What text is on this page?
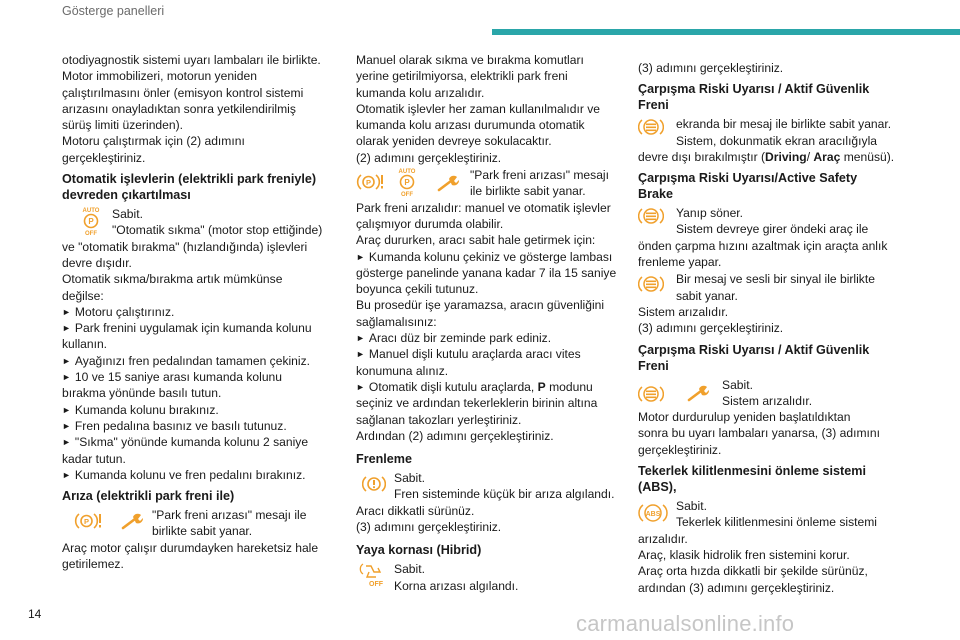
Gösterge panelleri

otodiyagnostik sistemi uyarı lambaları ile birlikte.
Motor immobilizeri, motorun yeniden
çalıştırılmasını önler (emisyon kontrol sistemi
arızasını onayladıktan sonra yetkilendirilmiş
sürüş limiti üzerinden).
Motoru çalıştırmak için (2) adımını
gerçekleştiriniz.

Otomatik işlevlerin (elektrikli park freniyle)
devreden çıkartılması
AUTO
P
OFF
Sabit.
"Otomatik sıkma" (motor stop ettiğinde)

ve "otomatik bırakma" (hızlandığında) işlevleri
devre dışıdır.
Otomatik sıkma/bırakma artık mümkünse
değilse:

► Motoru çalıştırınız.
► Park frenini uygulamak için kumanda kolunu
kullanın.
► Ayağınızı fren pedalından tamamen çekiniz.
► 10 ve 15 saniye arası kumanda kolunu
bırakma yönünde basılı tutun.
► Kumanda kolunu bırakınız.
► Fren pedalına basınız ve basılı tutunuz.
► "Sıkma" yönünde kumanda kolunu 2 saniye
kadar tutun.
► Kumanda kolunu ve fren pedalını bırakınız.

Arıza (elektrikli park freni ile)
P	"Park freni arızası" mesajı ile
birlikte sabit yanar.

Araç motor çalışır durumdayken hareketsiz hale
getirilemez.

Manuel olarak sıkma ve bırakma komutları
yerine getirilmiyorsa, elektrikli park freni
kumanda kolu arızalıdır.
Otomatik işlevler her zaman kullanılmalıdır ve
kumanda kolu arızası durumunda otomatik
olarak yeniden devreye sokulacaktır.
(2) adımını gerçekleştiriniz.

P
AUTO
P
OFF
"Park freni arızası" mesajı
ile birlikte sabit yanar.

Park freni arızalıdır: manuel ve otomatik işlevler
çalışmıyor durumda olabilir.
Araç dururken, aracı sabit hale getirmek için:
► Kumanda kolunu çekiniz ve gösterge lambası
gösterge panelinde yanana kadar 7 ila 15 saniye
boyunca çekili tutunuz.
Bu prosedür işe yaramazsa, aracın güvenliğini
sağlamalısınız:
► Aracı düz bir zeminde park ediniz.
► Manuel dişli kutulu araçlarda aracı vites
konumuna alınız.
► Otomatik dişli kutulu araçlarda, P modunu
seçiniz ve ardından tekerleklerin birinin altına
sağlanan takozları yerleştiriniz.
Ardından (2) adımını gerçekleştiriniz.

Frenleme
Sabit.
Fren sisteminde küçük bir arıza algılandı.

Aracı dikkatli sürünüz.
(3) adımını gerçekleştiriniz.

Yaya kornası (Hibrid)
OFF
Sabit.
Korna arızası algılandı.

(3) adımını gerçekleştiriniz.

Çarpışma Riski Uyarısı / Aktif Güvenlik
Freni
ekranda bir mesaj ile birlikte sabit yanar.
Sistem, dokunmatik ekran aracılığıyla

devre dışı bırakılmıştır (Driving/ Araç menüsü).

Çarpışma Riski Uyarısı/Active Safety
Brake
Yanıp söner.
Sistem devreye girer öndeki araç ile

önden çarpma hızını azaltmak için araçta anlık
frenleme yapar.

Bir mesaj ve sesli bir sinyal ile birlikte
sabit yanar.

Sistem arızalıdır.
(3) adımını gerçekleştiriniz.

Çarpışma Riski Uyarısı / Aktif Güvenlik
Freni
Sabit.
Sistem arızalıdır.

Motor durdurulup yeniden başlatıldıktan
sonra bu uyarı lambaları yanarsa, (3) adımını
gerçekleştiriniz.

Tekerlek kilitlenmesini önleme sistemi
(ABS),
ABS
Sabit.
Tekerlek kilitlenmesini önleme sistemi

arızalıdır.
Araç, klasik hidrolik fren sistemini korur.
Araç orta hızda dikkatli bir şekilde sürünüz,
ardından (3) adımını gerçekleştiriniz.

14	carmanualsonline.info
